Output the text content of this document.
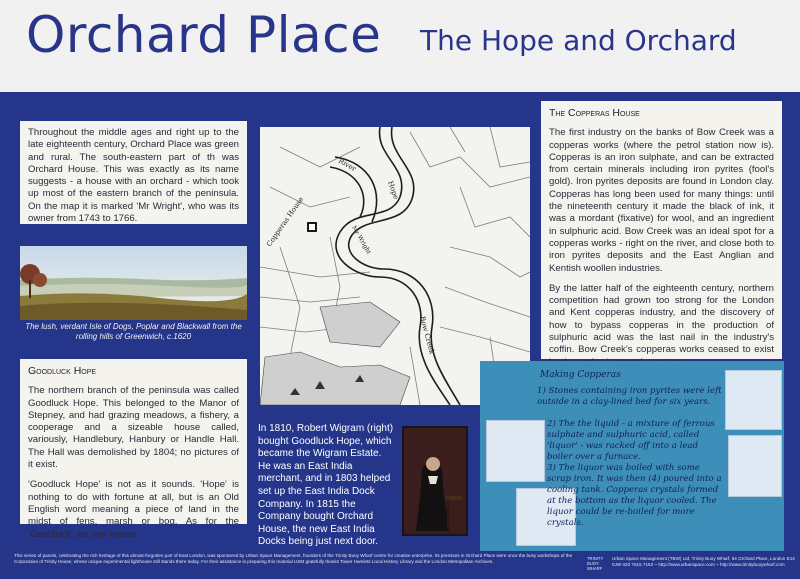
Orchard Place The Hope and Orchard

Throughout the middle ages and right up to the late eighteenth century, Orchard Place was green and rural. The south-eastern part of th was Orchard House. This was exactly as its name suggests - a house with an orchard - which took up most of the eastern branch of the peninsula. On the map it is marked 'Mr Wright', who was its owner from 1743 to 1766.

The lush, verdant Isle of Dogs, Poplar and Blackwall from the rolling hills of Greenwich, c.1620
Goodluck Hope

The northern branch of the peninsula was called Goodluck Hope. This belonged to the Manor of Stepney, and had grazing meadows, a fishery, a cooperage and a sizeable house called, variously, Handlebury, Hanbury or Handle Hall. The Hall was demolished by 1804; no pictures of it exist.

'Goodluck Hope' is not as it sounds. 'Hope' is nothing to do with fortune at all, but is an Old English word meaning a piece of land in the midst of fens, marsh or bog. As for the 'Goodluck', no one knows.

Copperas House	Mr Wright
River
Hope
Bow Creek
The Copperas House

The first industry on the banks of Bow Creek was a copperas works (where the petrol station now is). Copperas is an iron sulphate, and can be extracted from certain minerals including iron pyrites (fool's gold). Iron pyrites deposits are found in London clay. Copperas has long been used for many things: until the nineteenth century it made the black of ink, it was a mordant (fixative) for wool, and an ingredient in sulphuric acid. Bow Creek was an ideal spot for a copperas works - right on the river, and close both to iron pyrites deposits and the East Anglian and Kentish woollen industries.

By the latter half of the eighteenth century, northern competition had grown too strong for the London and Kent copperas industry, and the discovery of how to bypass copperas in the production of sulphuric acid was the last nail in the industry's coffin. Bow Creek's copperas works ceased to exist

In 1810, Robert Wigram (right) bought Goodluck Hope, which became the Wigram Estate. He was an East India merchant, and in 1803 helped set up the East India Dock Company. In 1815 the Company bought Orchard House, the new East India Docks being just next door.
Making Copperas
1) Stones containing iron pyrites were left outside in a clay-lined bed for six years.
2) The the liquid - a mixture of ferrous sulphate and sulphuric acid, called 'liquor' - was racked off into a lead boiler over a furnace.
3) The liquor was boiled with some scrap iron. It was then (4) poured into a cooling tank. Copperas crystals formed at the bottom as the liquor cooled. The liquor could be re-boiled for more crystals.
This series of panels, celebrating the rich heritage of this almost-forgotten part of East London, was sponsored by Urban Space Management, founders of the Trinity Buoy Wharf centre for creative enterprise. Its premises in Orchard Place were once the busy workshops of the Corporation of Trinity House, whose unique experimental lighthouse still stands there today. For their assistance in preparing this material USM gratefully thanks Tower Hamlets Local History Library and the London Metropolitan Archives.
TRINITY BUOY WHARF
Urban Space Management (TBW) Ltd, Trinity Buoy Wharf, 64 Orchard Place, London E14 0JW 020 7515 7153 ~ http://www.urbanspace.com ~ http://www.trinitybuoywharf.com
